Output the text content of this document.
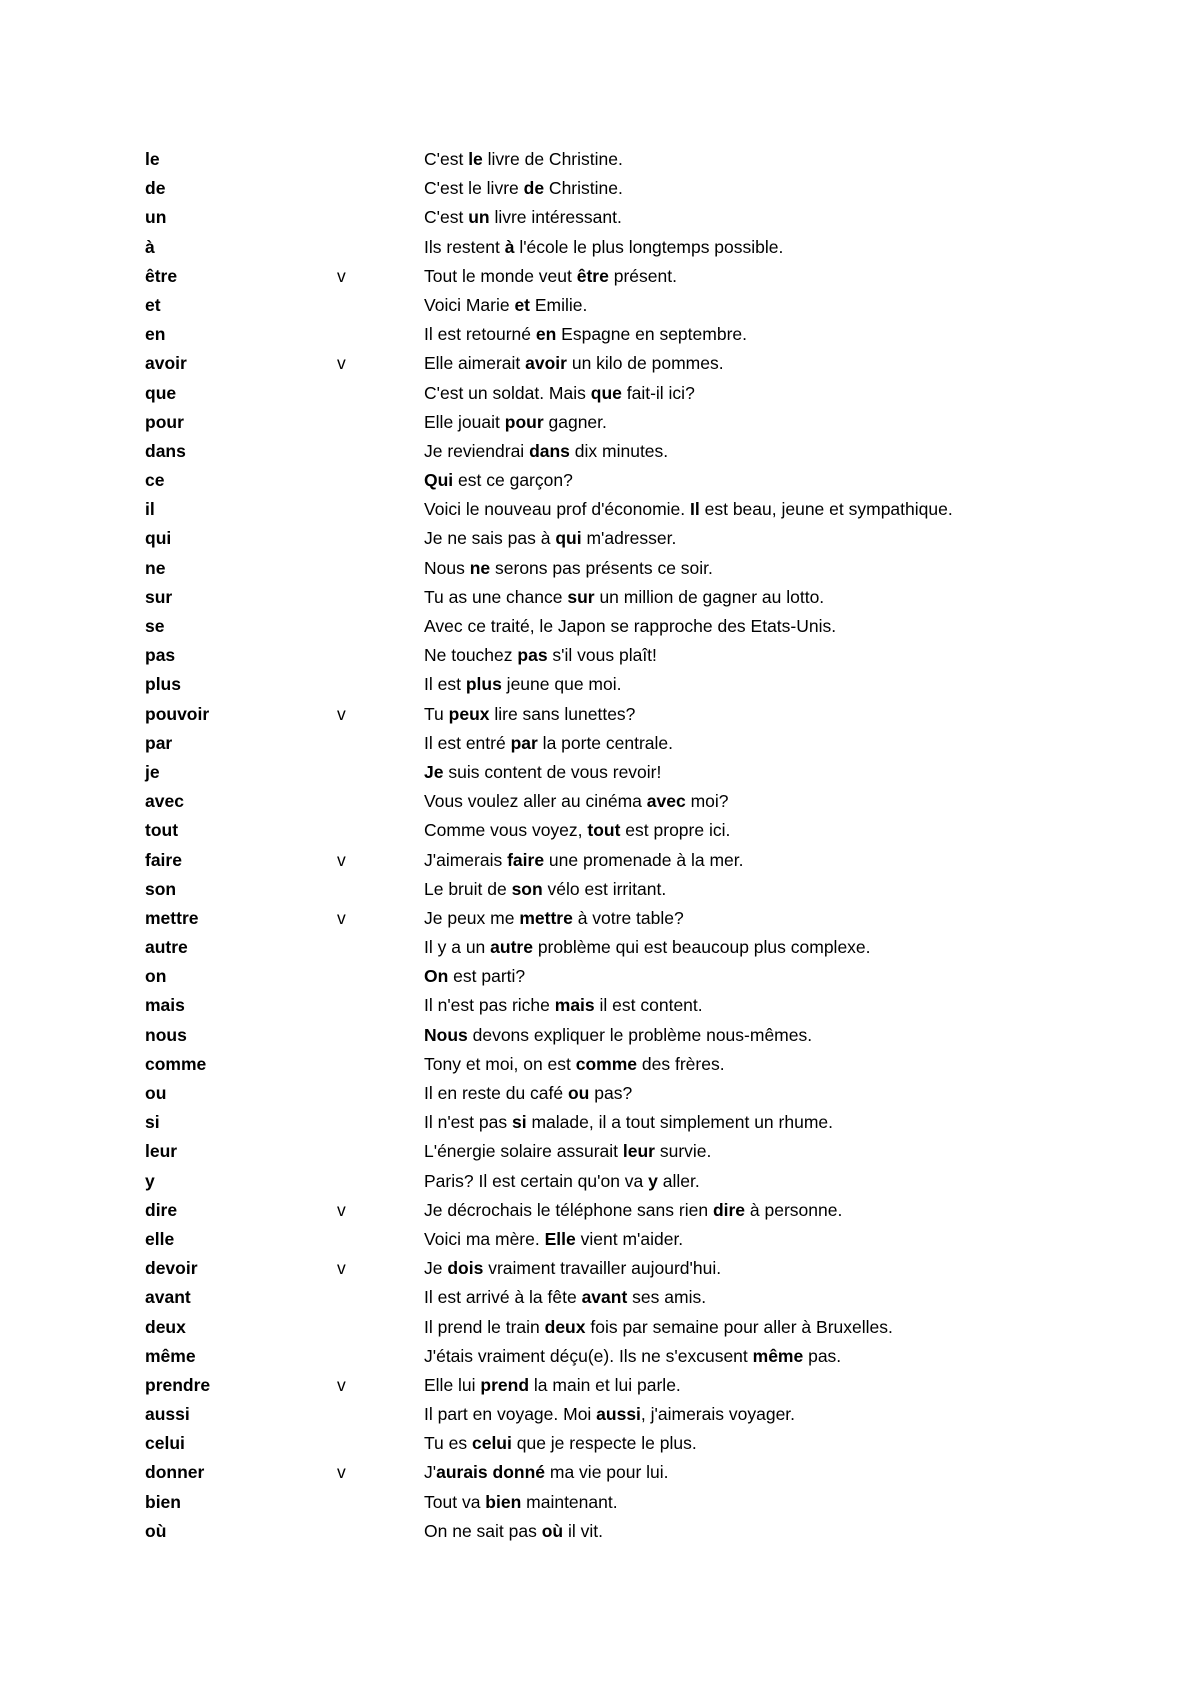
le	C'est le livre de Christine.
de	C'est le livre de Christine.
un	C'est un livre intéressant.
à	Ils restent à l'école le plus longtemps possible.
être	v	Tout le monde veut être présent.
et	Voici Marie et Emilie.
en	Il est retourné en Espagne en septembre.
avoir	v	Elle aimerait avoir un kilo de pommes.
que	C'est un soldat. Mais que fait-il ici?
pour	Elle jouait pour gagner.
dans	Je reviendrai dans dix minutes.
ce	Qui est ce garçon?
il	Voici le nouveau prof d'économie. Il est beau, jeune et sympathique.
qui	Je ne sais pas à qui m'adresser.
ne	Nous ne serons pas présents ce soir.
sur	Tu as une chance sur un million de gagner au lotto.
se	Avec ce traité, le Japon se rapproche des Etats-Unis.
pas	Ne touchez pas s'il vous plaît!
plus	Il est plus jeune que moi.
pouvoir	v	Tu peux lire sans lunettes?
par	Il est entré par la porte centrale.
je	Je suis content de vous revoir!
avec	Vous voulez aller au cinéma avec moi?
tout	Comme vous voyez, tout est propre ici.
faire	v	J'aimerais faire une promenade à la mer.
son	Le bruit de son vélo est irritant.
mettre	v	Je peux me mettre à votre table?
autre	Il y a un autre problème qui est beaucoup plus complexe.
on	On est parti?
mais	Il n'est pas riche mais il est content.
nous	Nous devons expliquer le problème nous-mêmes.
comme	Tony et moi, on est comme des frères.
ou	Il en reste du café ou pas?
si	Il n'est pas si malade, il a tout simplement un rhume.
leur	L'énergie solaire assurait leur survie.
y	Paris? Il est certain qu'on va y aller.
dire	v	Je décrochais le téléphone sans rien dire à personne.
elle	Voici ma mère. Elle vient m'aider.
devoir	v	Je dois vraiment travailler aujourd'hui.
avant	Il est arrivé à la fête avant ses amis.
deux	Il prend le train deux fois par semaine pour aller à Bruxelles.
même	J'étais vraiment déçu(e). Ils ne s'excusent même pas.
prendre	v	Elle lui prend la main et lui parle.
aussi	Il part en voyage. Moi aussi, j'aimerais voyager.
celui	Tu es celui que je respecte le plus.
donner	v	J'aurais donné ma vie pour lui.
bien	Tout va bien maintenant.
où	On ne sait pas où il vit.
